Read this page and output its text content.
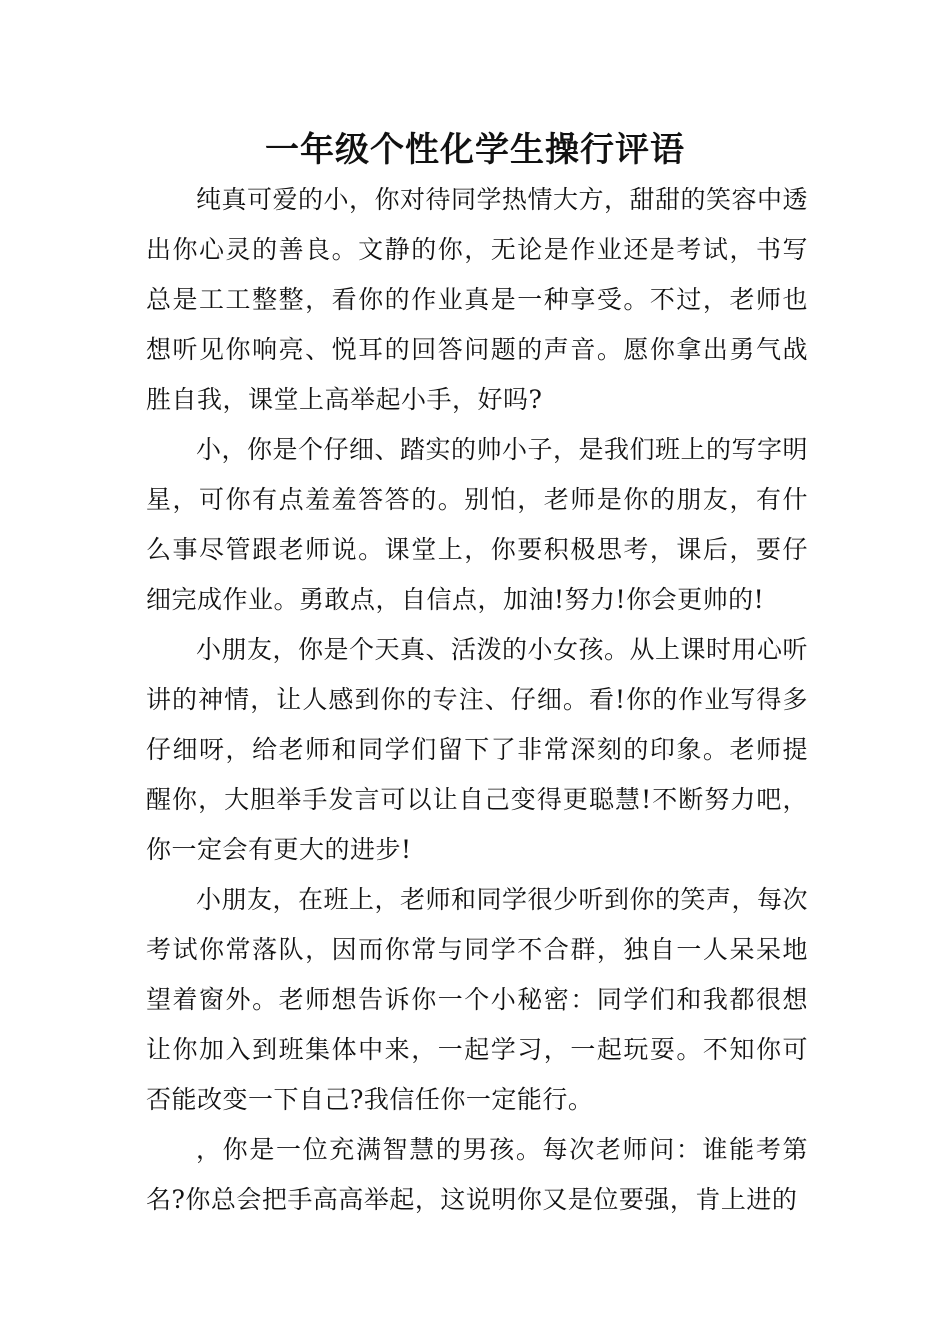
一年级个性化学生操行评语

纯真可爱的小，你对待同学热情大方，甜甜的笑容中透出你心灵的善良。文静的你，无论是作业还是考试，书写总是工工整整，看你的作业真是一种享受。不过，老师也想听见你响亮、悦耳的回答问题的声音。愿你拿出勇气战胜自我，课堂上高举起小手，好吗?

小，你是个仔细、踏实的帅小子，是我们班上的写字明星，可你有点羞羞答答的。别怕，老师是你的朋友，有什么事尽管跟老师说。课堂上，你要积极思考，课后，要仔细完成作业。勇敢点，自信点，加油!努力!你会更帅的!

小朋友，你是个天真、活泼的小女孩。从上课时用心听讲的神情，让人感到你的专注、仔细。看!你的作业写得多仔细呀，给老师和同学们留下了非常深刻的印象。老师提醒你，大胆举手发言可以让自己变得更聪慧!不断努力吧，你一定会有更大的进步!

小朋友，在班上，老师和同学很少听到你的笑声，每次考试你常落队，因而你常与同学不合群，独自一人呆呆地望着窗外。老师想告诉你一个小秘密：同学们和我都很想让你加入到班集体中来，一起学习，一起玩耍。不知你可否能改变一下自己?我信任你一定能行。

，你是一位充满智慧的男孩。每次老师问：谁能考第名?你总会把手高高举起，这说明你又是位要强，肯上进的
